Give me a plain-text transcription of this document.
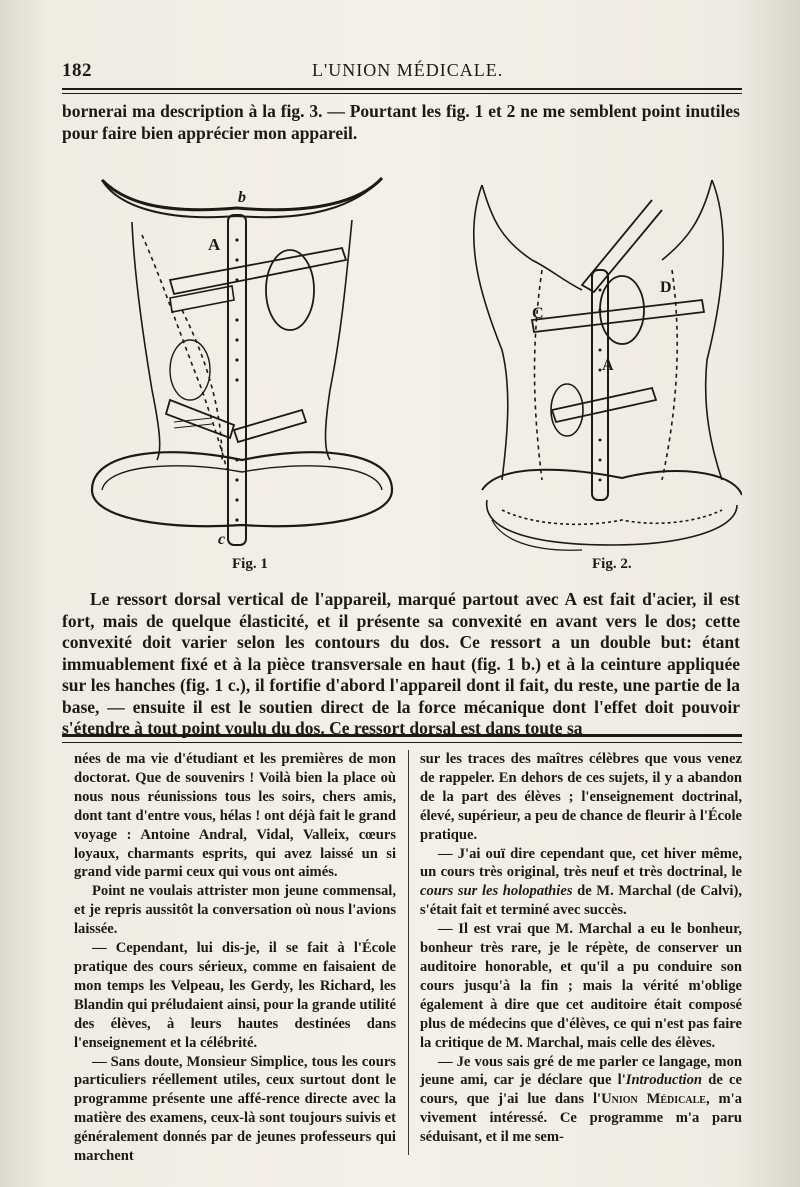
182	L'UNION MÉDICALE.
bornerai ma description à la fig. 3. — Pourtant les fig. 1 et 2 ne me semblent point inutiles pour faire bien apprécier mon appareil.
b
A
c
C
D
A
Fig. 1	Fig. 2.

Le ressort dorsal vertical de l'appareil, marqué partout avec A est fait d'acier, il est fort, mais de quelque élasticité, et il présente sa convexité en avant vers le dos; cette convexité doit varier selon les contours du dos. Ce ressort a un double but: étant immuablement fixé et à la pièce transversale en haut (fig. 1 b.) et à la ceinture appliquée sur les hanches (fig. 1 c.), il fortifie d'abord l'appareil dont il fait, du reste, une partie de la base, — ensuite il est le soutien direct de la force mécanique dont l'effet doit pouvoir s'étendre à tout point voulu du dos. Ce ressort dorsal est dans toute sa

nées de ma vie d'étudiant et les premières de mon doctorat. Que de souvenirs ! Voilà bien la place où nous nous réunissions tous les soirs, chers amis, dont tant d'entre vous, hélas ! ont déjà fait le grand voyage : Antoine Andral, Vidal, Valleix, cœurs loyaux, charmants esprits, qui avez laissé un si grand vide parmi ceux qui vous ont aimés.

Point ne voulais attrister mon jeune commensal, et je repris aussitôt la conversation où nous l'avions laissée.

— Cependant, lui dis-je, il se fait à l'École pratique des cours sérieux, comme en faisaient de mon temps les Velpeau, les Gerdy, les Richard, les Blandin qui préludaient ainsi, pour la grande utilité des élèves, à leurs hautes destinées dans l'enseignement et la célébrité.

— Sans doute, Monsieur Simplice, tous les cours particuliers réellement utiles, ceux surtout dont le programme présente une affé-rence directe avec la matière des examens, ceux-là sont toujours suivis et généralement donnés par de jeunes professeurs qui marchent

sur les traces des maîtres célèbres que vous venez de rappeler. En dehors de ces sujets, il y a abandon de la part des élèves ; l'enseignement doctrinal, élevé, supérieur, a peu de chance de fleurir à l'École pratique.

— J'ai ouï dire cependant que, cet hiver même, un cours très original, très neuf et très doctrinal, le cours sur les holopathies de M. Marchal (de Calvi), s'était fait et terminé avec succès.

— Il est vrai que M. Marchal a eu le bonheur, bonheur très rare, je le répète, de conserver un auditoire honorable, et qu'il a pu conduire son cours jusqu'à la fin ; mais la vérité m'oblige également à dire que cet auditoire était composé plus de médecins que d'élèves, ce qui n'est pas faire la critique de M. Marchal, mais celle des élèves.

— Je vous sais gré de me parler ce langage, mon jeune ami, car je déclare que l'Introduction de ce cours, que j'ai lue dans l'Union Médicale, m'a vivement intéressé. Ce programme m'a paru séduisant, et il me sem-
